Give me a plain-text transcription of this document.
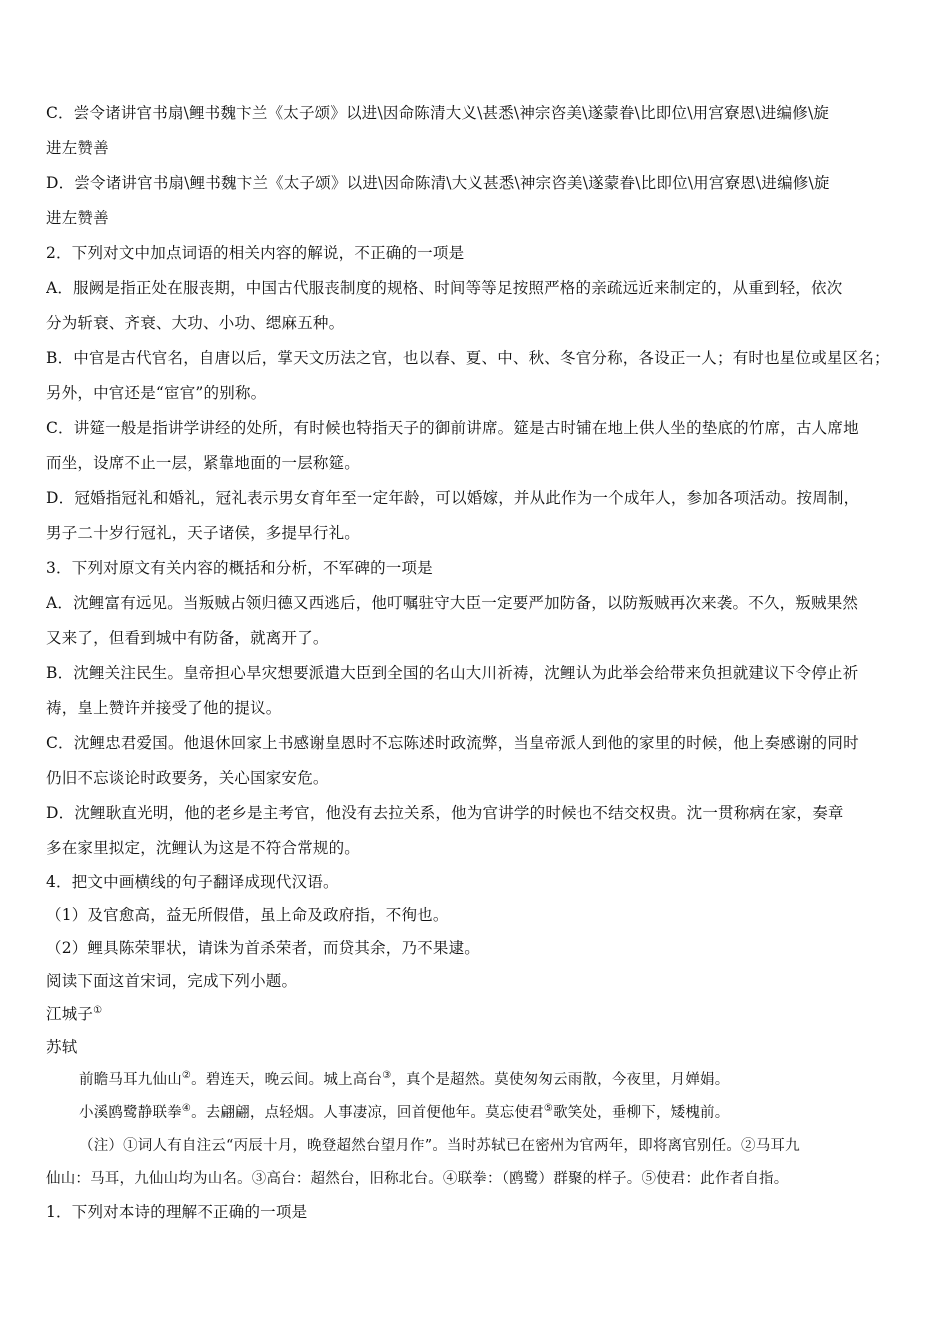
C．尝令诸讲官书扇\鲤书魏卞兰《太子颂》以进\因命陈清大义\甚悉\神宗咨美\遂蒙眷\比即位\用宫寮恩\进编修\旋
进左赞善
D．尝令诸讲官书扇\鲤书魏卞兰《太子颂》以进\因命陈清\大义甚悉\神宗咨美\遂蒙眷\比即位\用宫寮恩\进编修\旋
进左赞善
2．下列对文中加点词语的相关内容的解说，不正确的一项是
A．服阙是指正处在服丧期，中国古代服丧制度的规格、时间等等足按照严格的亲疏远近来制定的，从重到轻，依次
分为斩衰、齐衰、大功、小功、缌麻五种。
B．中官是古代官名，自唐以后，掌天文历法之官，也以春、夏、中、秋、冬官分称，各设正一人；有时也星位或星区名；
另外，中官还是“宦官”的别称。
C．讲筵一般是指讲学讲经的处所，有时候也特指天子的御前讲席。筵是古时铺在地上供人坐的垫底的竹席，古人席地
而坐，设席不止一层，紧靠地面的一层称筵。
D．冠婚指冠礼和婚礼，冠礼表示男女育年至一定年龄，可以婚嫁，并从此作为一个成年人，参加各项活动。按周制，
男子二十岁行冠礼，天子诸侯，多提早行礼。
3．下列对原文有关内容的概括和分析，不军碑的一项是
A．沈鲤富有远见。当叛贼占领归德又西逃后，他叮嘱驻守大臣一定要严加防备，以防叛贼再次来袭。不久，叛贼果然
又来了，但看到城中有防备，就离开了。
B．沈鲤关注民生。皇帝担心旱灾想要派遣大臣到全国的名山大川祈祷，沈鲤认为此举会给带来负担就建议下令停止祈
祷，皇上赞许并接受了他的提议。
C．沈鲤忠君爱国。他退休回家上书感谢皇恩时不忘陈述时政流弊，当皇帝派人到他的家里的时候，他上奏感谢的同时
仍旧不忘谈论时政要务，关心国家安危。
D．沈鲤耿直光明，他的老乡是主考官，他没有去拉关系，他为官讲学的时候也不结交权贵。沈一贯称病在家，奏章
多在家里拟定，沈鲤认为这是不符合常规的。
4．把文中画横线的句子翻译成现代汉语。
（1）及官愈高，益无所假借，虽上命及政府指，不徇也。
（2）鲤具陈荣罪状，请诛为首杀荣者，而贷其余，乃不果逮。
阅读下面这首宋词，完成下列小题。
江城子①
苏轼
前瞻马耳九仙山②。碧连天，晚云间。城上高台③，真个是超然。莫使匆匆云雨散，今夜里，月婵娟。
小溪鸥鹭静联拳④。去翩翩，点轻烟。人事凄凉，回首便他年。莫忘使君⑤歌笑处，垂柳下，矮槐前。
（注）①词人有自注云“丙辰十月，晚登超然台望月作”。当时苏轼已在密州为官两年，即将离官别任。②马耳九
仙山：马耳，九仙山均为山名。③高台：超然台，旧称北台。④联拳：（鸥鹭）群聚的样子。⑤使君：此作者自指。
1．下列对本诗的理解不正确的一项是
